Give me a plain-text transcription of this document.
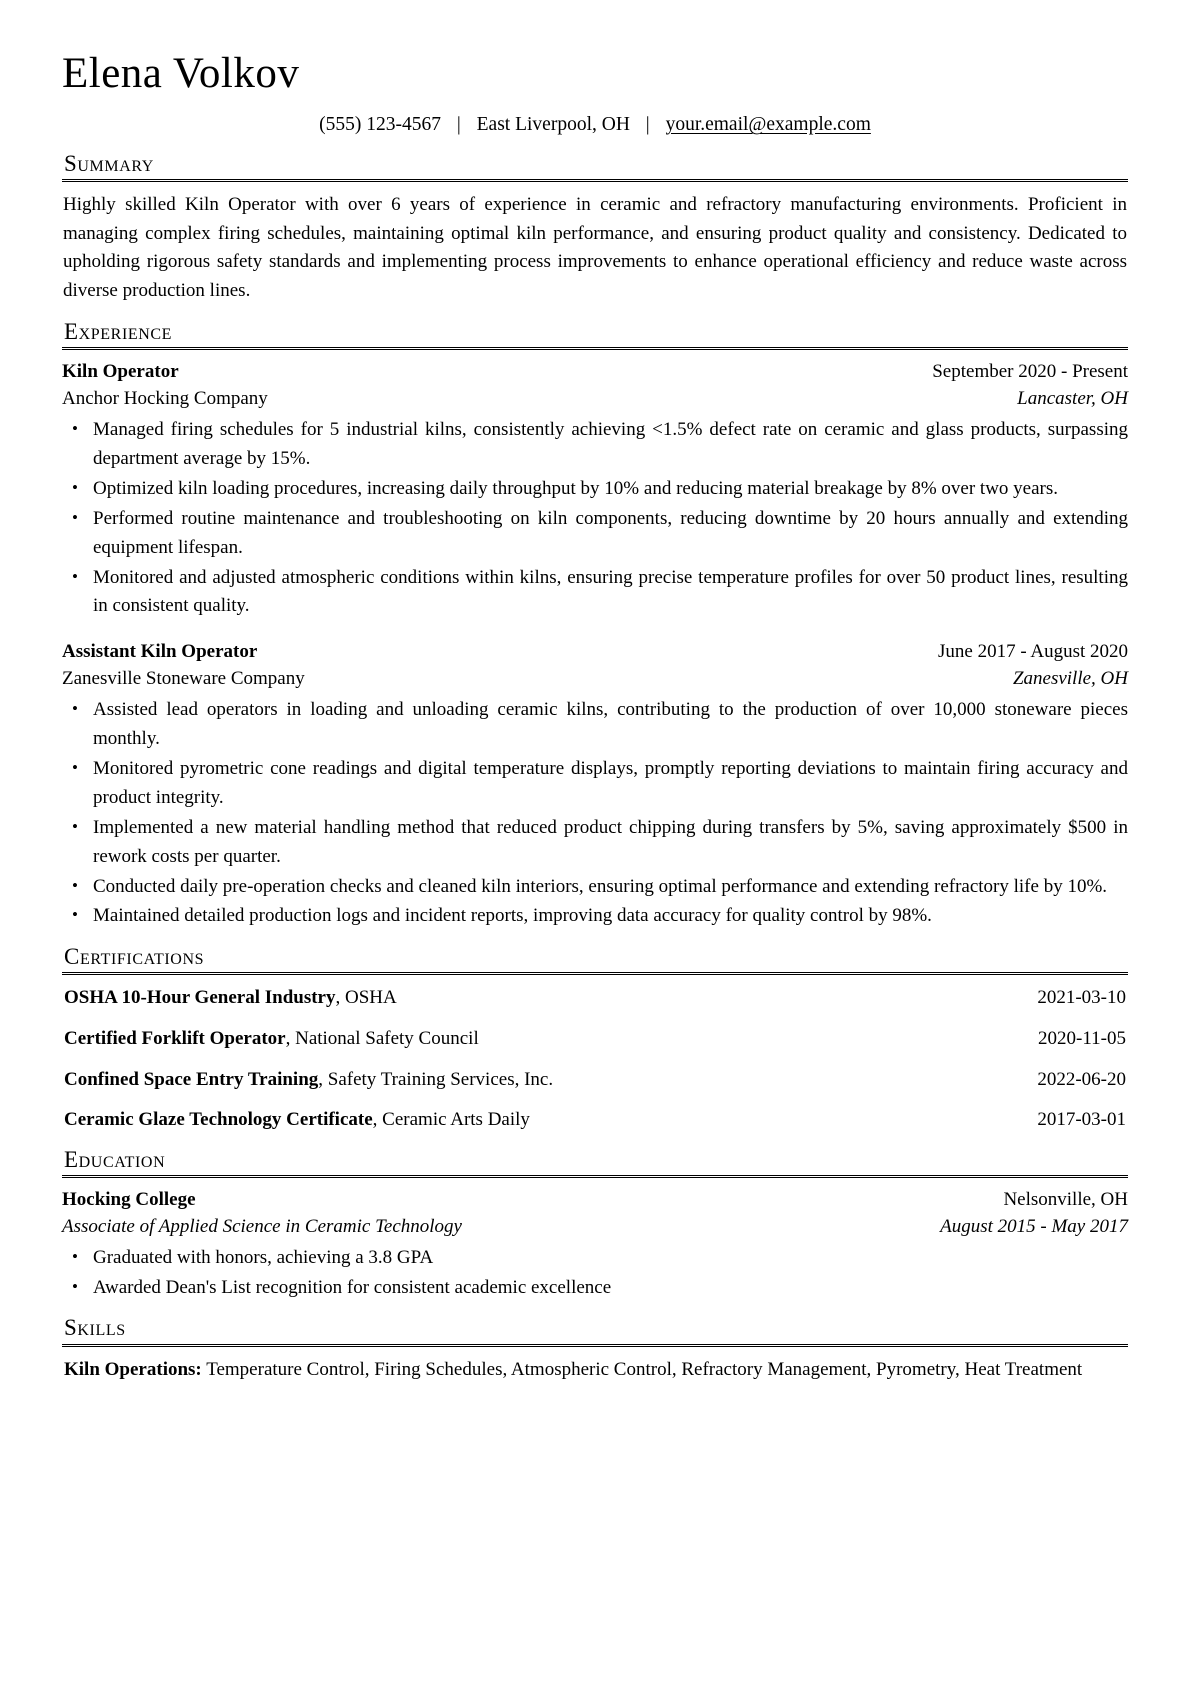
Elena Volkov
(555) 123-4567 | East Liverpool, OH | your.email@example.com
Summary

Highly skilled Kiln Operator with over 6 years of experience in ceramic and refractory manufacturing environments. Proficient in managing complex firing schedules, maintaining optimal kiln performance, and ensuring product quality and consistency. Dedicated to upholding rigorous safety standards and implementing process improvements to enhance operational efficiency and reduce waste across diverse production lines.

Experience
Kiln Operator	September 2020 - Present
Anchor Hocking Company	Lancaster, OH
• Managed firing schedules for 5 industrial kilns, consistently achieving <1.5% defect rate on ceramic and glass products, surpassing department average by 15%.
• Optimized kiln loading procedures, increasing daily throughput by 10% and reducing material breakage by 8% over two years.
• Performed routine maintenance and troubleshooting on kiln components, reducing downtime by 20 hours annually and extending equipment lifespan.
• Monitored and adjusted atmospheric conditions within kilns, ensuring precise temperature profiles for over 50 product lines, resulting in consistent quality.
Assistant Kiln Operator	June 2017 - August 2020
Zanesville Stoneware Company	Zanesville, OH
• Assisted lead operators in loading and unloading ceramic kilns, contributing to the production of over 10,000 stoneware pieces monthly.
• Monitored pyrometric cone readings and digital temperature displays, promptly reporting deviations to maintain firing accuracy and product integrity.
• Implemented a new material handling method that reduced product chipping during transfers by 5%, saving approximately $500 in rework costs per quarter.
• Conducted daily pre-operation checks and cleaned kiln interiors, ensuring optimal performance and extending refractory life by 10%.
• Maintained detailed production logs and incident reports, improving data accuracy for quality control by 98%.
Certifications
OSHA 10-Hour General Industry, OSHA	2021-03-10
Certified Forklift Operator, National Safety Council	2020-11-05
Confined Space Entry Training, Safety Training Services, Inc.	2022-06-20
Ceramic Glaze Technology Certificate, Ceramic Arts Daily	2017-03-01
Education
Hocking College	Nelsonville, OH
Associate of Applied Science in Ceramic Technology	August 2015 - May 2017
• Graduated with honors, achieving a 3.8 GPA
• Awarded Dean's List recognition for consistent academic excellence
Skills

Kiln Operations: Temperature Control, Firing Schedules, Atmospheric Control, Refractory Management, Pyrometry, Heat Treatment
